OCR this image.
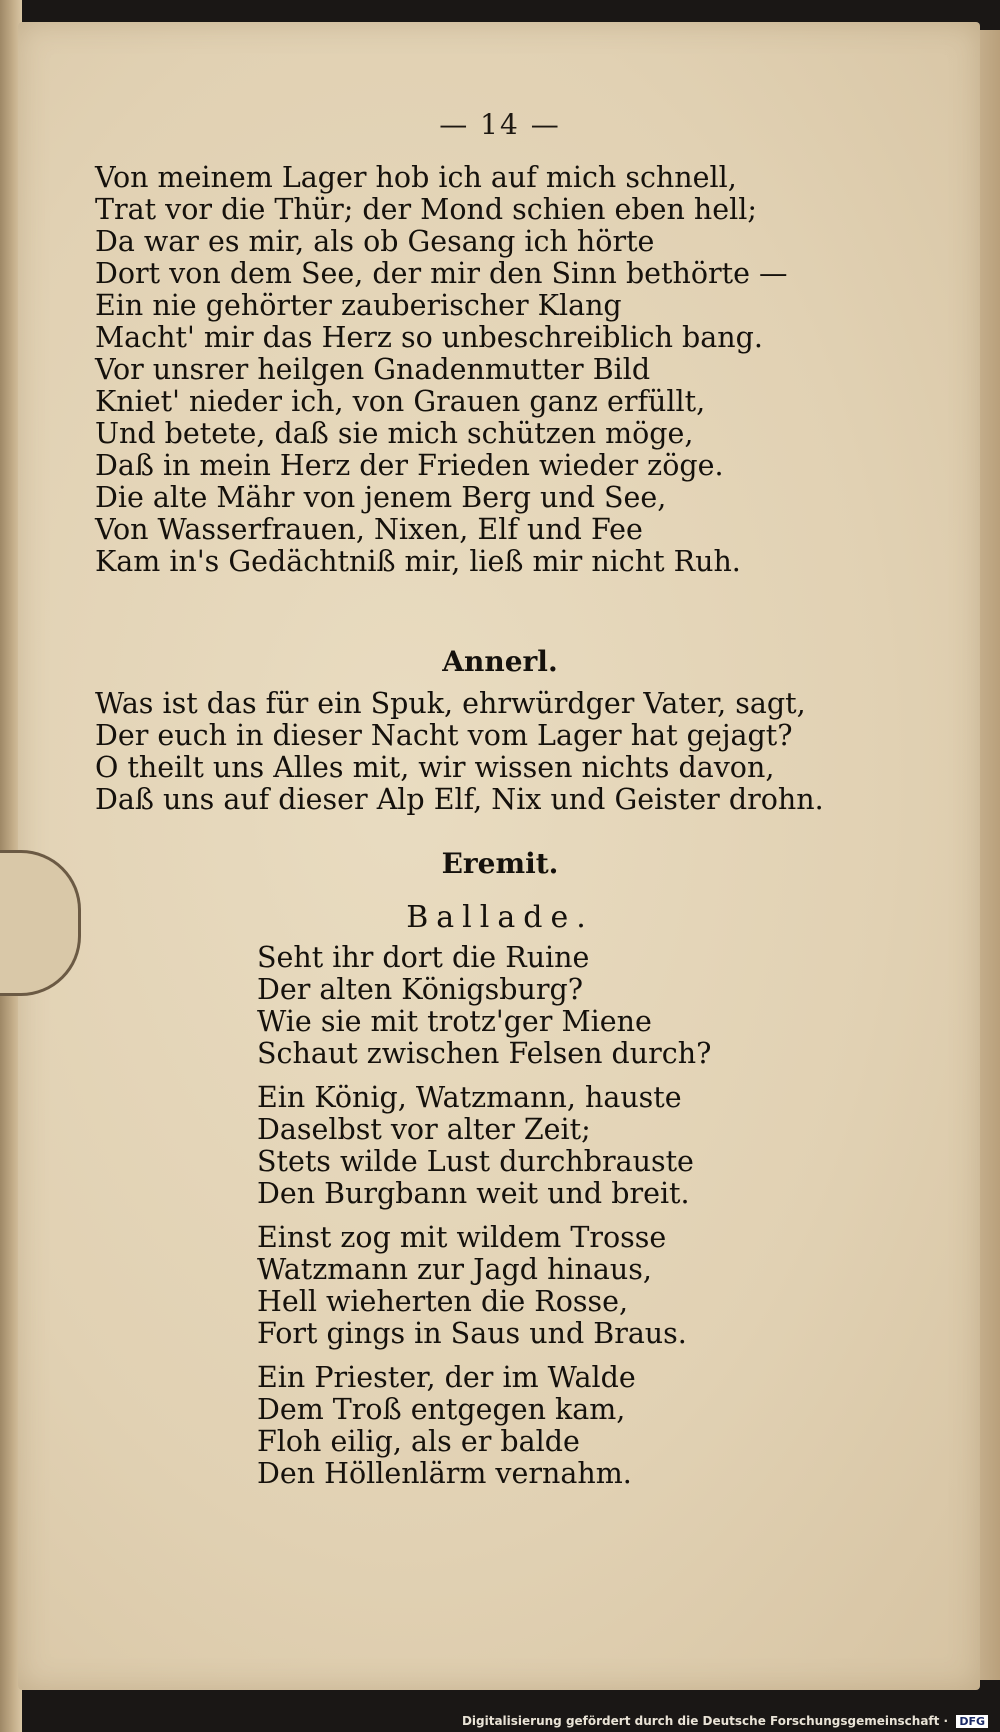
— 14 —
Von meinem Lager hob ich auf mich schnell,
Trat vor die Thür; der Mond schien eben hell;
Da war es mir, als ob Gesang ich hörte
Dort von dem See, der mir den Sinn bethörte —
Ein nie gehörter zauberischer Klang
Macht' mir das Herz so unbeschreiblich bang.
Vor unsrer heilgen Gnadenmutter Bild
Kniet' nieder ich, von Grauen ganz erfüllt,
Und betete, daß sie mich schützen möge,
Daß in mein Herz der Frieden wieder zöge.
Die alte Mähr von jenem Berg und See,
Von Wasserfrauen, Nixen, Elf und Fee
Kam in's Gedächtniß mir, ließ mir nicht Ruh.
Annerl.
Was ist das für ein Spuk, ehrwürdger Vater, sagt,
Der euch in dieser Nacht vom Lager hat gejagt?
O theilt uns Alles mit, wir wissen nichts davon,
Daß uns auf dieser Alp Elf, Nix und Geister drohn.
Eremit.
Ballade.
Seht ihr dort die Ruine
Der alten Königsburg?
Wie sie mit trotz'ger Miene
Schaut zwischen Felsen durch?
Ein König, Watzmann, hauste
Daselbst vor alter Zeit;
Stets wilde Lust durchbrauste
Den Burgbann weit und breit.
Einst zog mit wildem Trosse
Watzmann zur Jagd hinaus,
Hell wieherten die Rosse,
Fort gings in Saus und Braus.
Ein Priester, der im Walde
Dem Troß entgegen kam,
Floh eilig, als er balde
Den Höllenlärm vernahm.
Digitalisierung gefördert durch die Deutsche Forschungsgemeinschaft · DFG
